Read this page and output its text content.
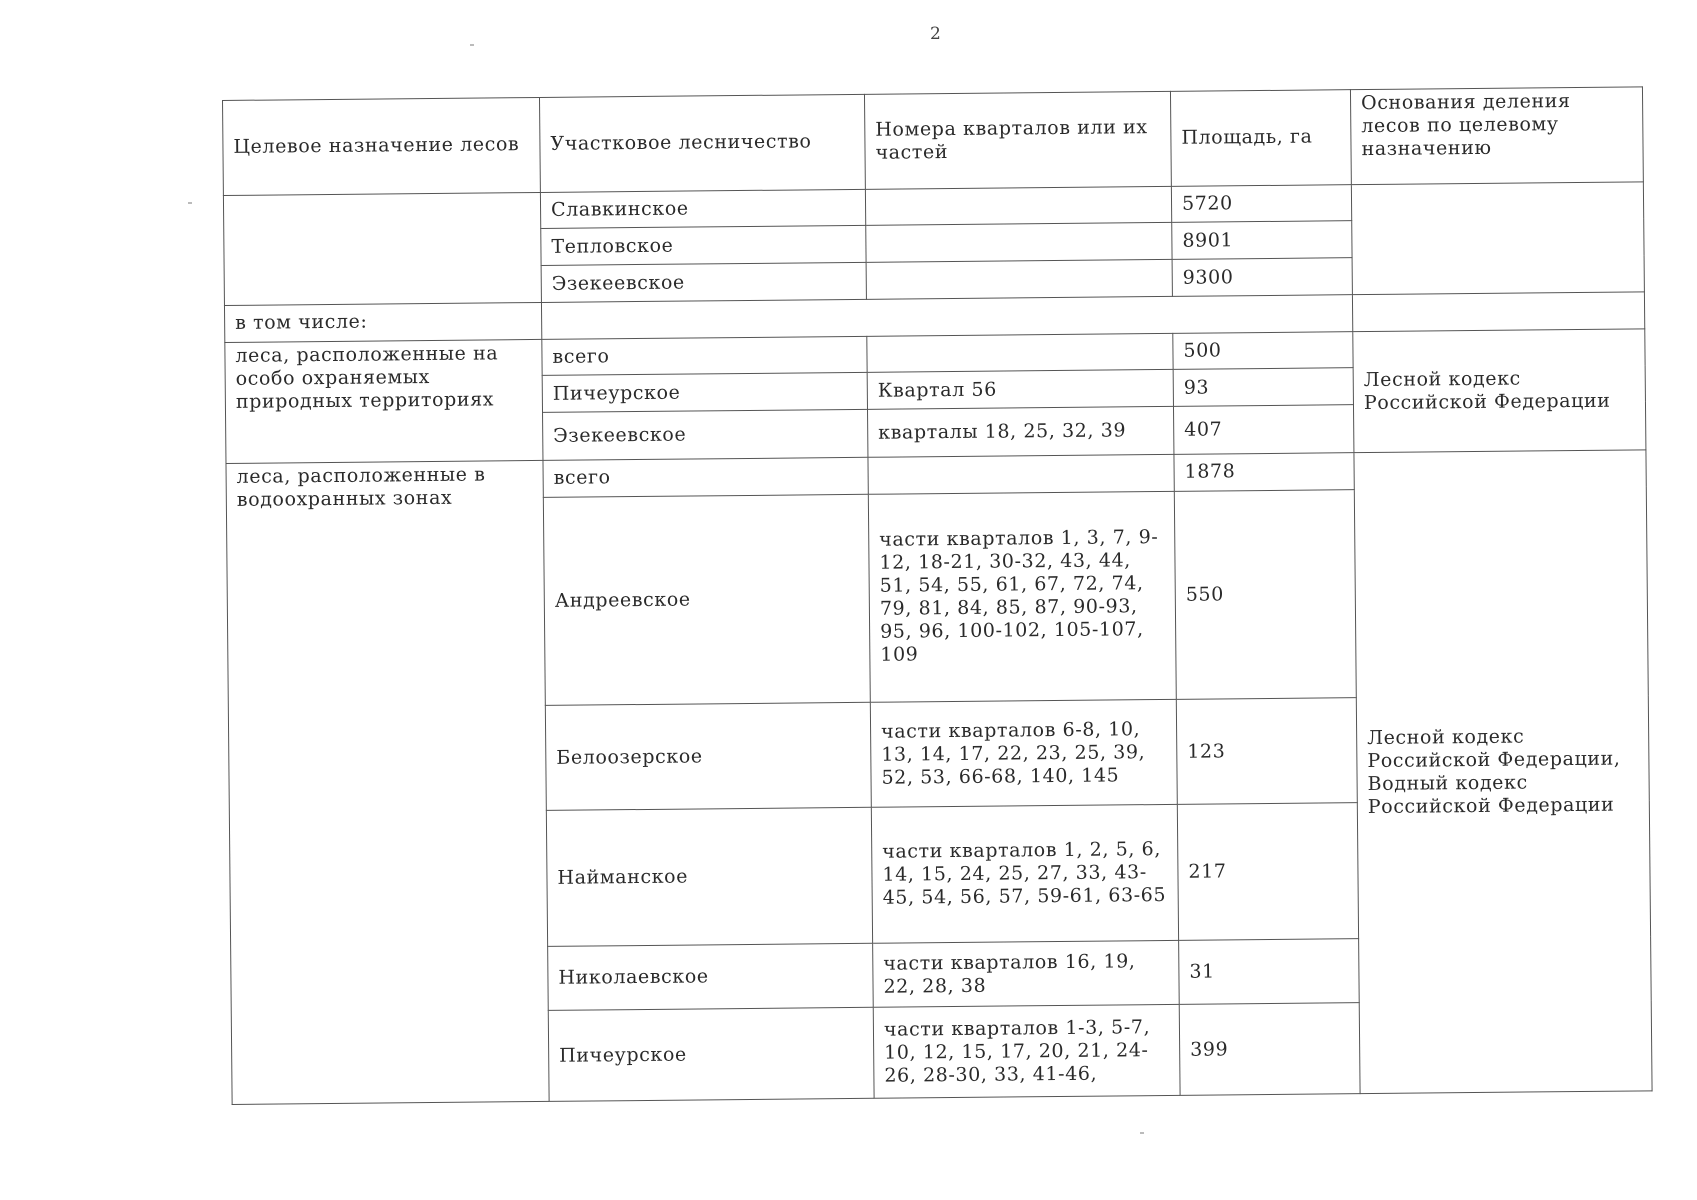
2
Целевое назначение лесов	Участковое лесничество	Номера кварталов или их частей	Площадь, га	Основания деления лесов по целевому назначению
	Славкинское		5720	
	Тепловское		8901	
	Эзекеевское		9300	
в том числе:				
леса, расположенные на особо охраняемых природных территориях	всего		500	Лесной кодекс Российской Федерации
	Пичеурское	Квартал 56	93	
	Эзекеевское	кварталы 18, 25, 32, 39	407	
леса, расположенные в водоохранных зонах	всего		1878	Лесной кодекс Российской Федерации, Водный кодекс Российской Федерации
	Андреевское	части кварталов 1, 3, 7, 9-12, 18-21, 30-32, 43, 44, 51, 54, 55, 61, 67, 72, 74, 79, 81, 84, 85, 87, 90-93, 95, 96, 100-102, 105-107, 109	550	
	Белоозерское	части кварталов 6-8, 10, 13, 14, 17, 22, 23, 25, 39, 52, 53, 66-68, 140, 145	123	
	Наймaнское	части кварталов 1, 2, 5, 6, 14, 15, 24, 25, 27, 33, 43-45, 54, 56, 57, 59-61, 63-65	217	
	Николаевское	части кварталов 16, 19, 22, 28, 38	31	
	Пичеурское	части кварталов 1-3, 5-7, 10, 12, 15, 17, 20, 21, 24-26, 28-30, 33, 41-46,	399	
